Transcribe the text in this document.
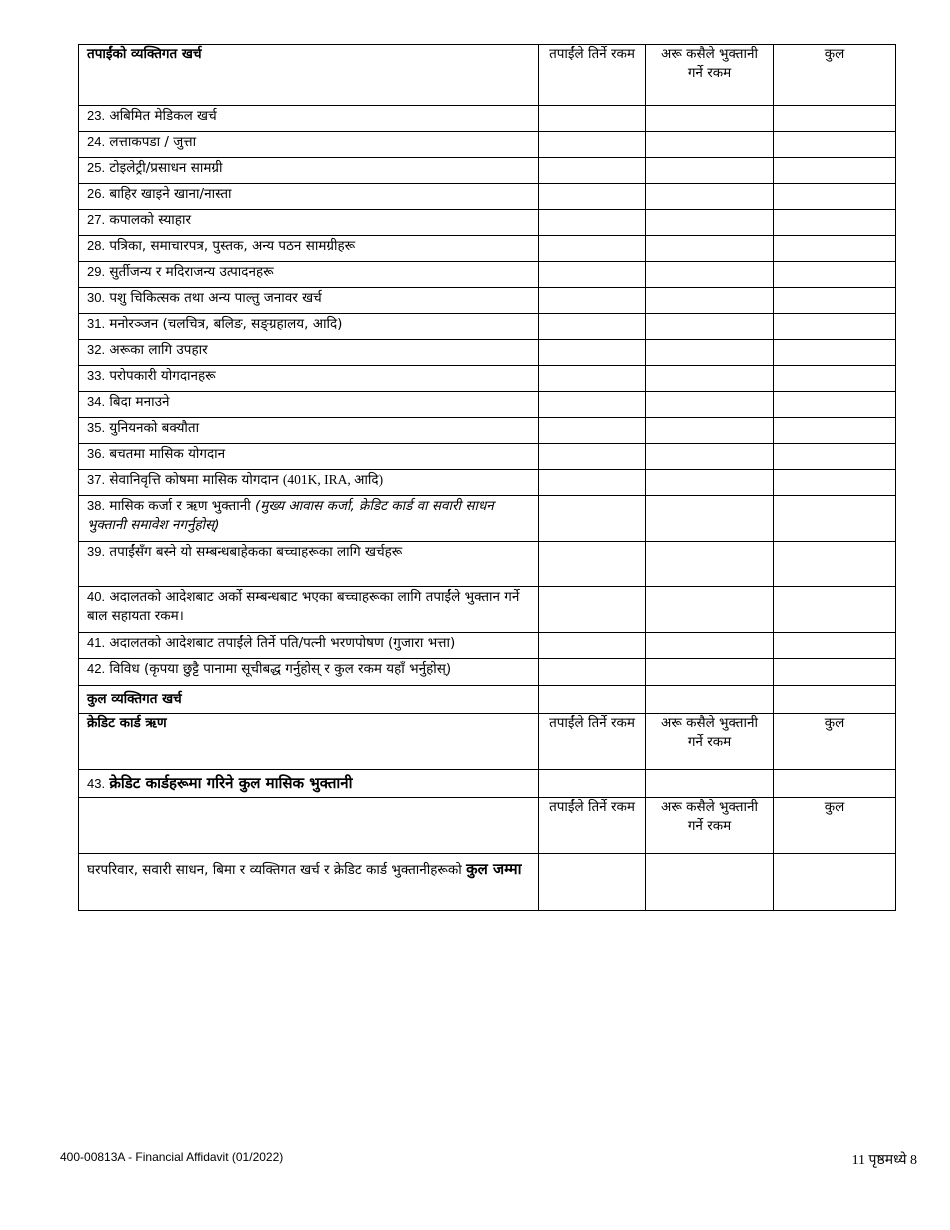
तपाईंको व्यक्तिगत खर्च	तपाईंले तिर्ने रकम	अरू कसैले भुक्तानी गर्ने रकम	कुल
23. अबिमित मेडिकल खर्च			
24. लत्ताकपडा / जुत्ता			
25. टोइलेट्री/प्रसाधन सामग्री			
26. बाहिर खाइने खाना/नास्ता			
27. कपालको स्याहार			
28. पत्रिका, समाचारपत्र, पुस्तक, अन्य पठन सामग्रीहरू			
29. सुर्तीजन्य र मदिराजन्य उत्पादनहरू			
30. पशु चिकित्सक तथा अन्य पाल्तु जनावर खर्च			
31. मनोरञ्जन (चलचित्र, बलिङ, सङ्ग्रहालय, आदि)			
32. अरूका लागि उपहार			
33. परोपकारी योगदानहरू			
34. बिदा मनाउने			
35. युनियनको बक्यौता			
36. बचतमा मासिक योगदान			
37. सेवानिवृत्ति कोषमा मासिक योगदान (401K, IRA, आदि)			
38. मासिक कर्जा र ऋण भुक्तानी (मुख्य आवास कर्जा, क्रेडिट कार्ड वा सवारी साधन भुक्तानी समावेश नगर्नुहोस्)			
39. तपाईंसँग बस्ने यो सम्बन्धबाहेकका बच्चाहरूका लागि खर्चहरू			
40. अदालतको आदेशबाट अर्को सम्बन्धबाट भएका बच्चाहरूका लागि तपाईंले भुक्तान गर्ने बाल सहायता रकम।			
41. अदालतको आदेशबाट तपाईंले तिर्ने पति/पत्नी भरणपोषण (गुजारा भत्ता)			
42. विविध (कृपया छुट्टै पानामा सूचीबद्ध गर्नुहोस् र कुल रकम यहाँ भर्नुहोस्)			
कुल व्यक्तिगत खर्च			
क्रेडिट कार्ड ऋण	तपाईंले तिर्ने रकम	अरू कसैले भुक्तानी गर्ने रकम	कुल
43. क्रेडिट कार्डहरूमा गरिने कुल मासिक भुक्तानी			
	तपाईंले तिर्ने रकम	अरू कसैले भुक्तानी गर्ने रकम	कुल
घरपरिवार, सवारी साधन, बिमा र व्यक्तिगत खर्च र क्रेडिट कार्ड भुक्तानीहरूको कुल जम्मा			
400-00813A - Financial Affidavit (01/2022)	11 पृष्ठमध्ये 8
